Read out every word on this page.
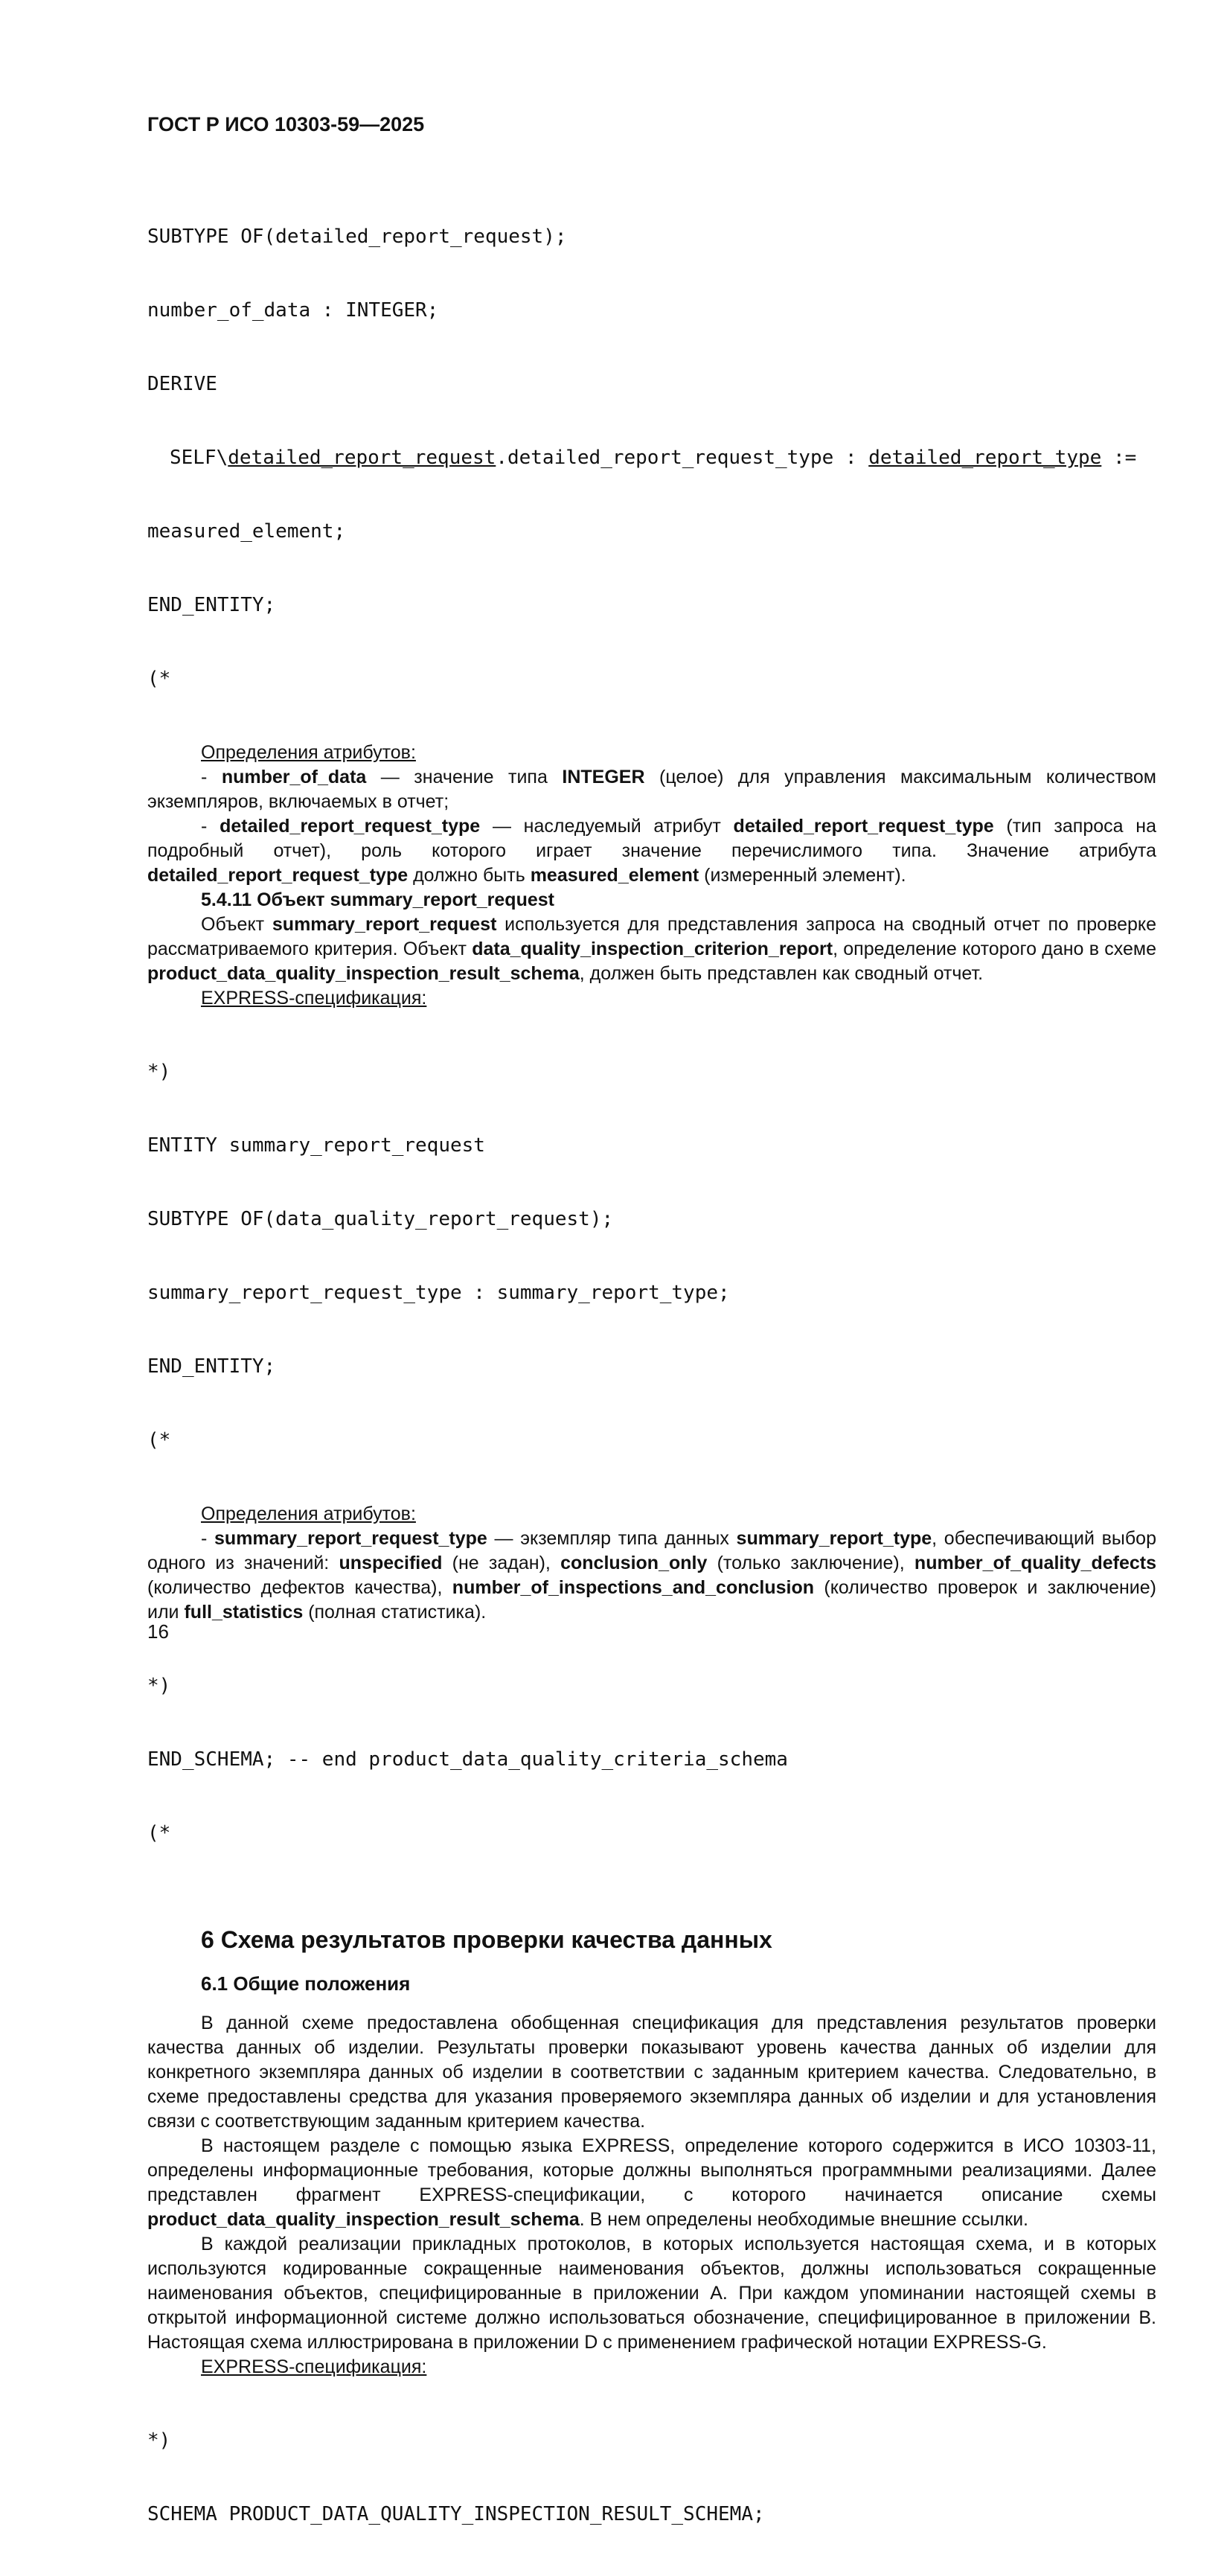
ГОСТ Р ИСО 10303-59—2025

SUBTYPE OF(detailed_report_request);

number_of_data : INTEGER;

DERIVE

SELF\detailed_report_request.detailed_report_request_type : detailed_report_type :=

measured_element;

END_ENTITY;

(*

Определения атрибутов:
- number_of_data — значение типа INTEGER (целое) для управления максимальным количеством экземпляров, включаемых в отчет;
- detailed_report_request_type — наследуемый атрибут detailed_report_request_type (тип запроса на подробный отчет), роль которого играет значение перечислимого типа. Значение атрибута detailed_report_request_type должно быть measured_element (измеренный элемент).
5.4.11 Объект summary_report_request
Объект summary_report_request используется для представления запроса на сводный отчет по проверке рассматриваемого критерия. Объект data_quality_inspection_criterion_report, определение которого дано в схеме product_data_quality_inspection_result_schema, должен быть представлен как сводный отчет.
EXPRESS-спецификация:

*)

ENTITY summary_report_request

SUBTYPE OF(data_quality_report_request);

summary_report_request_type : summary_report_type;

END_ENTITY;

(*

Определения атрибутов:
- summary_report_request_type — экземпляр типа данных summary_report_type, обеспечивающий выбор одного из значений: unspecified (не задан), conclusion_only (только заключение), number_of_quality_defects (количество дефектов качества), number_of_inspections_and_conclusion (количество проверок и заключение) или full_statistics (полная статистика).

*)

END_SCHEMA; -- end product_data_quality_criteria_schema

(*

6 Схема результатов проверки качества данных
6.1 Общие положения
В данной схеме предоставлена обобщенная спецификация для представления результатов проверки качества данных об изделии. Результаты проверки показывают уровень качества данных об изделии для конкретного экземпляра данных об изделии в соответствии с заданным критерием качества. Следовательно, в схеме предоставлены средства для указания проверяемого экземпляра данных об изделии и для установления связи с соответствующим заданным критерием качества.
В настоящем разделе с помощью языка EXPRESS, определение которого содержится в ИСО 10303-11, определены информационные требования, которые должны выполняться программными реализациями. Далее представлен фрагмент EXPRESS-спецификации, с которого начинается описание схемы product_data_quality_inspection_result_schema. В нем определены необходимые внешние ссылки.
В каждой реализации прикладных протоколов, в которых используется настоящая схема, и в которых используются кодированные сокращенные наименования объектов, должны использоваться сокращенные наименования объектов, специфицированные в приложении А. При каждом упоминании настоящей схемы в открытой информационной системе должно использоваться обозначение, специфицированное в приложении В. Настоящая схема иллюстрирована в приложении D с применением графической нотации EXPRESS-G.
EXPRESS-спецификация:

*)

SCHEMA PRODUCT_DATA_QUALITY_INSPECTION_RESULT_SCHEMA;

16
